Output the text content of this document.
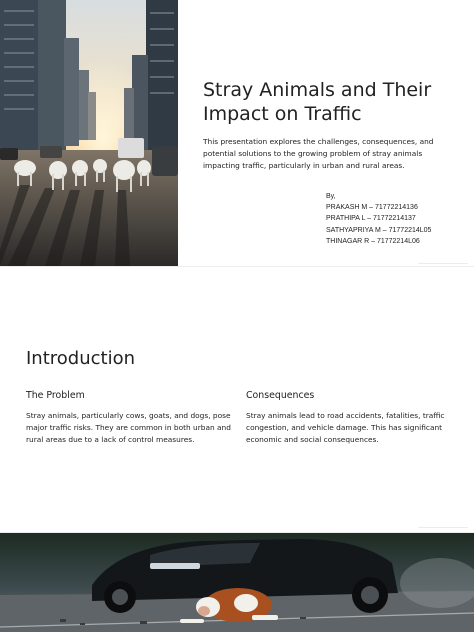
Stray Animals and Their
Impact on Traffic

This presentation explores the challenges, consequences, and potential solutions to the growing problem of stray animals impacting traffic, particularly in urban and rural areas.

By,
PRAKASH M – 71772214136
PRATHIPA L – 71772214137
SATHYAPRIYA M – 71772214L05
THINAGAR R – 71772214L06
Introduction
The Problem

Stray animals, particularly cows, goats, and dogs, pose major traffic risks. They are common in both urban and rural areas due to a lack of control measures.

Consequences

Stray animals lead to road accidents, fatalities, traffic congestion, and vehicle damage. This has significant economic and social consequences.
